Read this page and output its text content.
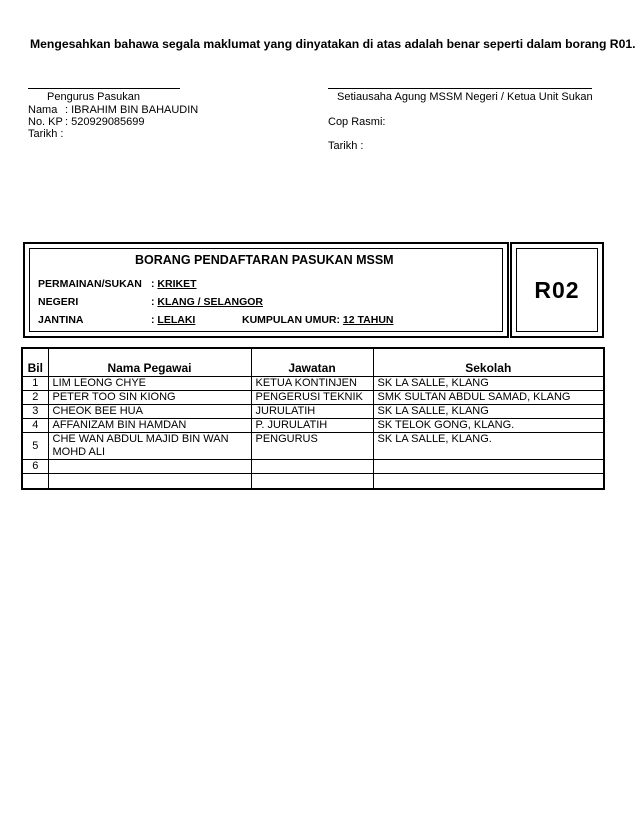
Mengesahkan bahawa segala maklumat yang dinyatakan di atas adalah benar seperti dalam borang R01.
Pengurus Pasukan
Nama : IBRAHIM BIN BAHAUDIN
No. KP : 520929085699
Tarikh :
Setiausaha Agung MSSM Negeri / Ketua Unit Sukan
Cop Rasmi:
Tarikh :
R02
BORANG PENDAFTARAN PASUKAN MSSM
PERMAINAN/SUKAN : KRIKET
NEGERI	: KLANG / SELANGOR
JANTINA	: LELAKI	KUMPULAN UMUR: 12 TAHUN
Bil	Nama Pegawai	Jawatan	Sekolah
1	LIM LEONG CHYE	KETUA KONTINJEN	SK LA SALLE, KLANG
2	PETER TOO SIN KIONG	PENGERUSI TEKNIK	SMK SULTAN ABDUL SAMAD, KLANG
3	CHEOK BEE HUA	JURULATIH	SK LA SALLE, KLANG
4	AFFANIZAM BIN HAMDAN	P. JURULATIH	SK TELOK GONG, KLANG.
5	CHE WAN ABDUL MAJID BIN WAN MOHD ALI	PENGURUS	SK LA SALLE, KLANG.
6			
